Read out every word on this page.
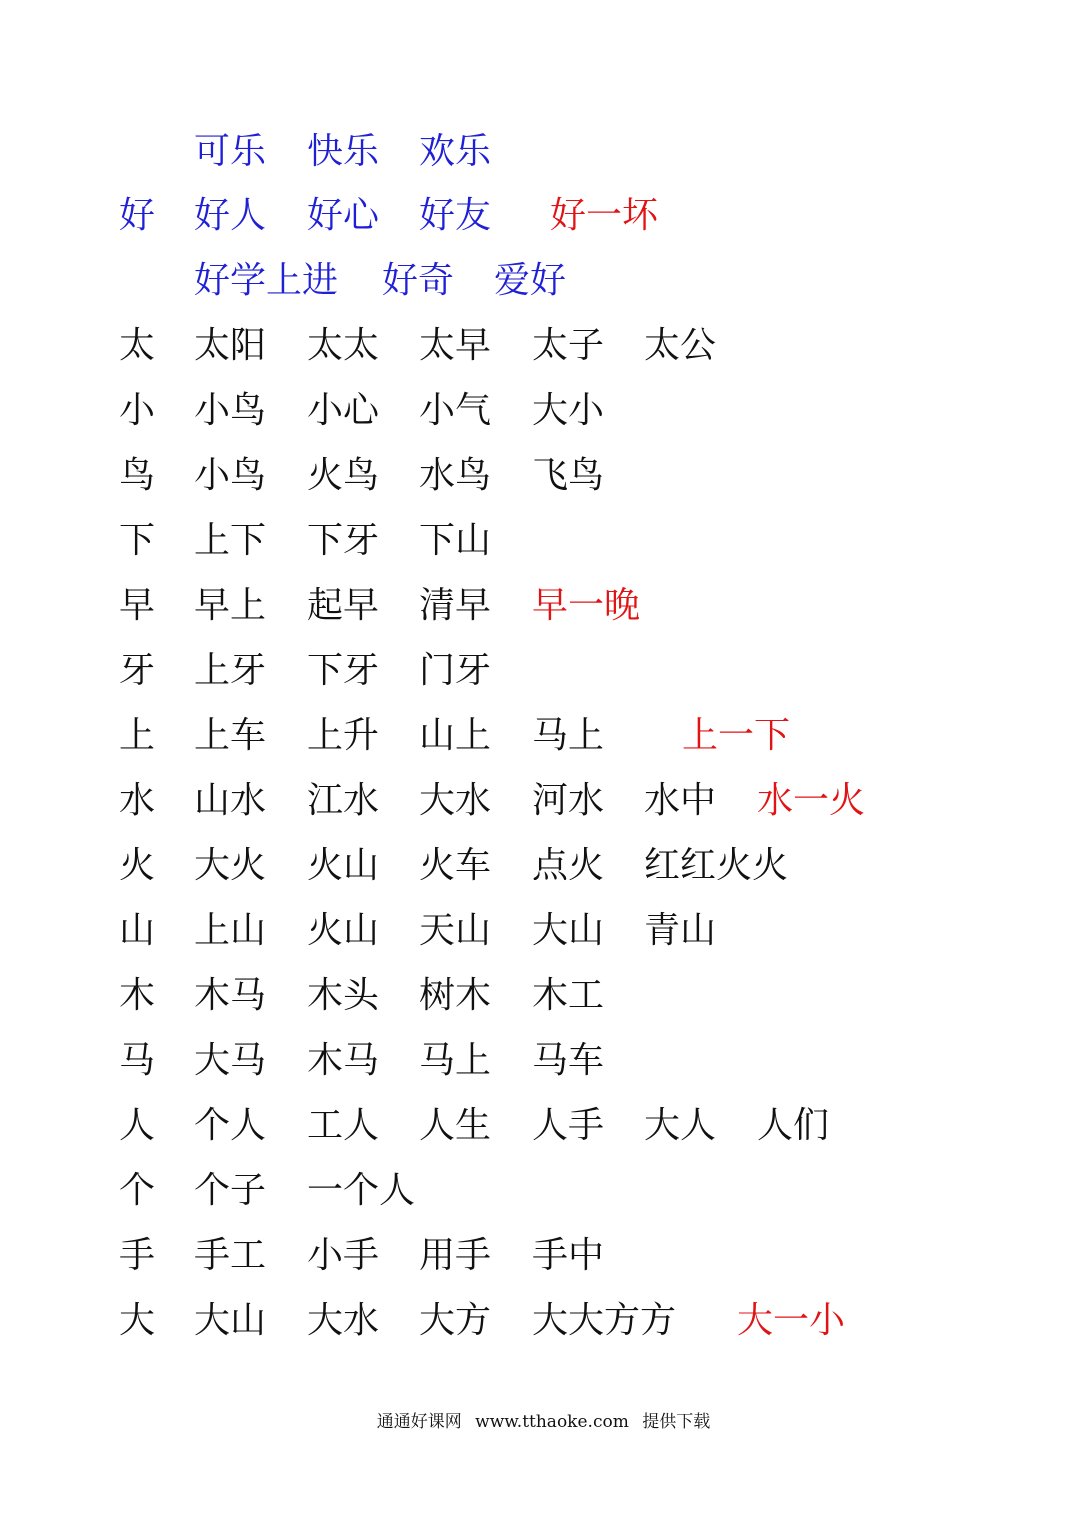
可乐 快乐 欢乐
好 好人 好心 好友 好一坏
好学上进 好奇 爱好
太 太阳 太太 太早 太子 太公
小 小鸟 小心 小气 大小
鸟 小鸟 火鸟 水鸟 飞鸟
下 上下 下牙 下山
早 早上 起早 清早 早一晚
牙 上牙 下牙 门牙
上 上车 上升 山上 马上 上一下
水 山水 江水 大水 河水 水中 水一火
火 大火 火山 火车 点火 红红火火
山 上山 火山 天山 大山 青山
木 木马 木头 树木 木工
马 大马 木马 马上 马车
人 个人 工人 人生 人手 大人 人们
个 个子 一个人
手 手工 小手 用手 手中
大 大山 大水 大方 大大方方 大一小
通通好课网 www.tthaoke.com 提供下载
